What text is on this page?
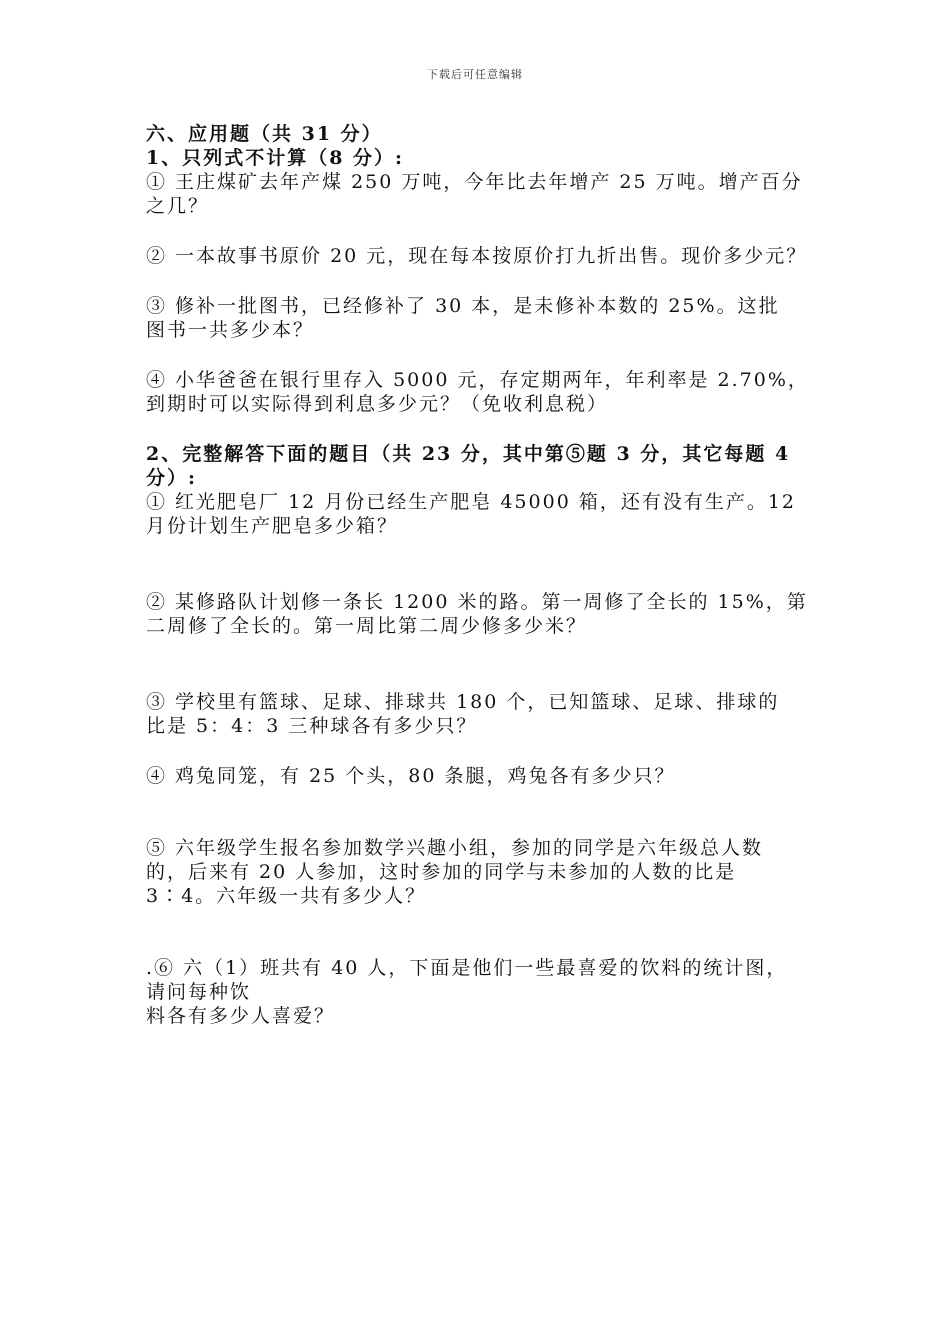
下载后可任意编辑
六、应用题（共 31 分）
1、只列式不计算（8 分）:
① 王庄煤矿去年产煤 250 万吨，今年比去年增产 25 万吨。增产百分
之几？
② 一本故事书原价 20 元，现在每本按原价打九折出售。现价多少元？
③ 修补一批图书，已经修补了 30 本，是未修补本数的 25%。这批
图书一共多少本？
④ 小华爸爸在银行里存入 5000 元，存定期两年，年利率是 2.70%，
到期时可以实际得到利息多少元？（免收利息税）
2、完整解答下面的题目（共 23 分，其中第⑤题 3 分，其它每题 4
分）:
① 红光肥皂厂 12 月份已经生产肥皂 45000 箱，还有没有生产。12
月份计划生产肥皂多少箱？
② 某修路队计划修一条长 1200 米的路。第一周修了全长的 15%，第
二周修了全长的。第一周比第二周少修多少米？
③ 学校里有篮球、足球、排球共 180 个，已知篮球、足球、排球的
比是 5：4：3 三种球各有多少只？
④ 鸡兔同笼，有 25 个头，80 条腿，鸡兔各有多少只？
⑤ 六年级学生报名参加数学兴趣小组，参加的同学是六年级总人数
的，后来有 20 人参加，这时参加的同学与未参加的人数的比是
3∶4。六年级一共有多少人？
.⑥ 六（1）班共有 40 人，下面是他们一些最喜爱的饮料的统计图，
请问每种饮
料各有多少人喜爱？
